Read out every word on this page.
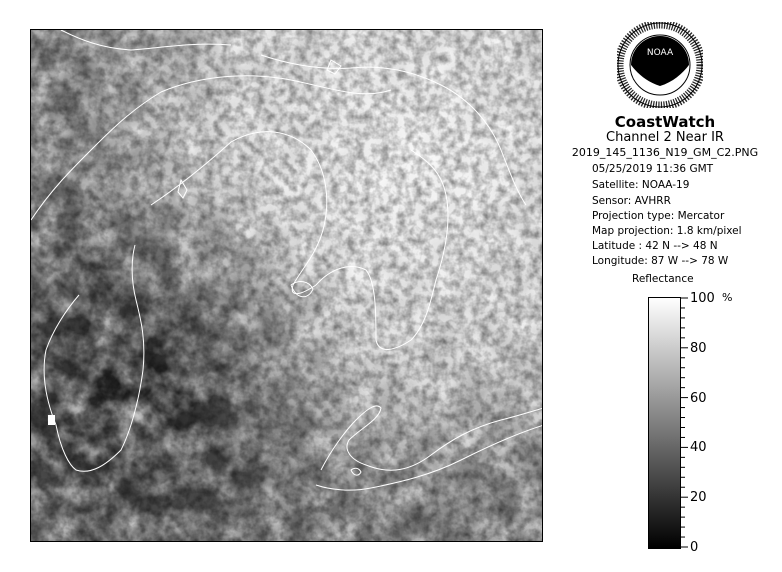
NOAA
CoastWatch
Channel 2 Near IR
2019_145_1136_N19_GM_C2.PNG
05/25/2019 11:36 GMT
Satellite: NOAA-19
Sensor: AVHRR
Projection type: Mercator
Map projection: 1.8 km/pixel
Latitude : 42 N --> 48 N
Longitude: 87 W --> 78 W
Reflectance
100
80
60
40
20
0
%
